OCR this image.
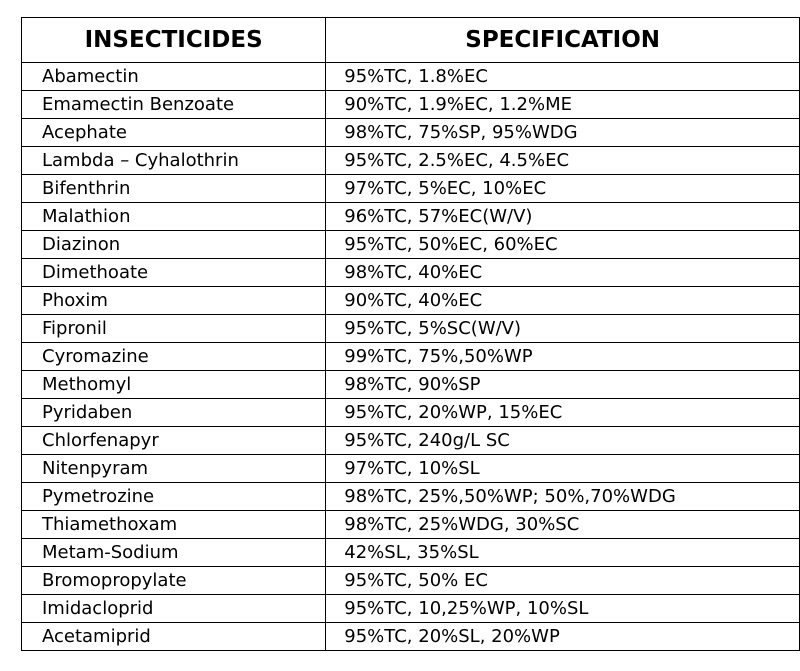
INSECTICIDES	SPECIFICATION
Abamectin	95%TC, 1.8%EC
Emamectin Benzoate	90%TC, 1.9%EC, 1.2%ME
Acephate	98%TC, 75%SP, 95%WDG
Lambda – Cyhalothrin	95%TC, 2.5%EC, 4.5%EC
Bifenthrin	97%TC, 5%EC, 10%EC
Malathion	96%TC, 57%EC(W/V)
Diazinon	95%TC, 50%EC, 60%EC
Dimethoate	98%TC, 40%EC
Phoxim	90%TC, 40%EC
Fipronil	95%TC, 5%SC(W/V)
Cyromazine	99%TC, 75%,50%WP
Methomyl	98%TC, 90%SP
Pyridaben	95%TC, 20%WP, 15%EC
Chlorfenapyr	95%TC, 240g/L SC
Nitenpyram	97%TC, 10%SL
Pymetrozine	98%TC, 25%,50%WP; 50%,70%WDG
Thiamethoxam	98%TC, 25%WDG, 30%SC
Metam-Sodium	42%SL, 35%SL
Bromopropylate	95%TC, 50% EC
Imidacloprid	95%TC, 10,25%WP, 10%SL
Acetamiprid	95%TC, 20%SL, 20%WP
